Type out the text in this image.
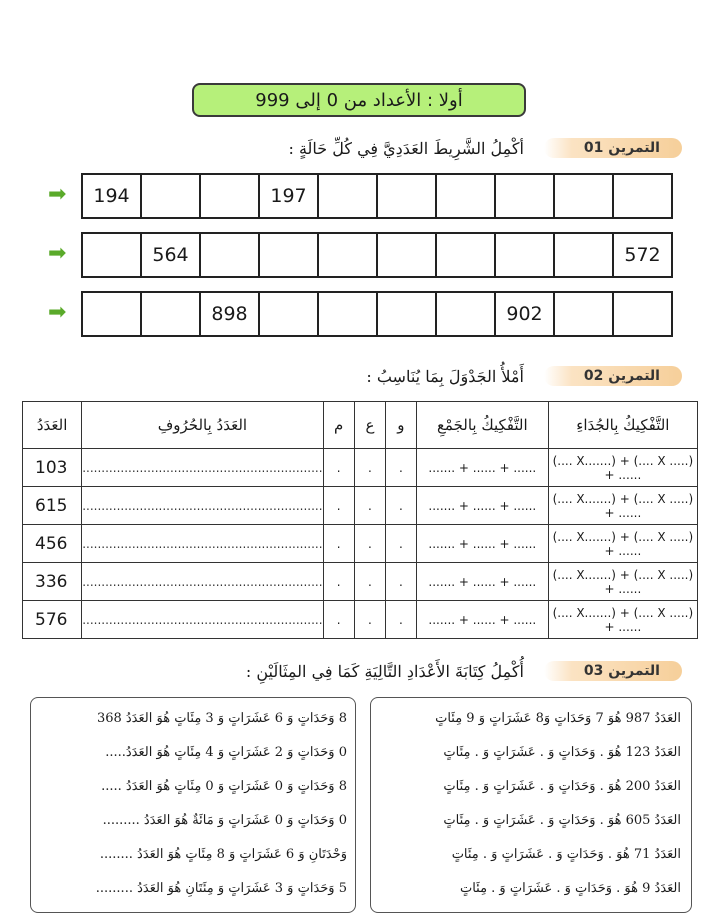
أولا : الأعداد من 0 إلى 999
التمرين 01
أكْمِلُ الشَّرِيطَ العَدَدِيَّ فِي كُلِّ حَالَةٍ :
194	197
➡
564	572
➡
898	902
➡
التمرين 02
أَمْلأُ الجَدْوَلَ بِمَا يُنَاسِبُ :
العَدَدُ	العَدَدُ بِالحُرُوفِ	م	ع	و	التَّفْكِيكُ بِالجَمْعِ	التَّفْكِيكُ بِالجُدَاءِ
103	...............................................................	.	.	.	....... + ...... + ......	(.... X.......) + (.... X .....) + ......
615	...............................................................	.	.	.	....... + ...... + ......	(.... X.......) + (.... X .....) + ......
456	...............................................................	.	.	.	....... + ...... + ......	(.... X.......) + (.... X .....) + ......
336	...............................................................	.	.	.	....... + ...... + ......	(.... X.......) + (.... X .....) + ......
576	...............................................................	.	.	.	....... + ...... + ......	(.... X.......) + (.... X .....) + ......
التمرين 03
أُكْمِلُ كِتَابَةَ الأَعْدَادِ التَّالِيَةِ كَمَا فِي المِثَالَيْنِ :
العَدَدُ 987 هُوَ 7 وَحَدَاتٍ وَ8 عَشَرَاتٍ وَ 9 مِئَاتٍ
العَدَدُ 123 هُوَ . وَحَدَاتٍ وَ . عَشَرَاتٍ وَ . مِئَاتٍ
العَدَدُ 200 هُوَ . وَحَدَاتٍ وَ . عَشَرَاتٍ وَ . مِئَاتٍ
العَدَدُ 605 هُوَ . وَحَدَاتٍ وَ . عَشَرَاتٍ وَ . مِئَاتٍ
العَدَدُ 71 هُوَ . وَحَدَاتٍ وَ . عَشَرَاتٍ وَ . مِئَاتٍ
العَدَدُ 9 هُوَ . وَحَدَاتٍ وَ . عَشَرَاتٍ وَ . مِئَاتٍ
8 وَحَدَاتٍ وَ 6 عَشَرَاتٍ وَ 3 مِئَاتٍ هُوَ العَدَدُ 368
0 وَحَدَاتٍ وَ 2 عَشَرَاتٍ وَ 4 مِئَاتٍ هُوَ العَدَدُ.....
8 وَحَدَاتٍ وَ 0 عَشَرَاتٍ وَ 0 مِئَاتٍ هُوَ العَدَدُ .....
0 وَحَدَاتٍ وَ 0 عَشَرَاتٍ وَ مَائَةٌ هُوَ العَدَدُ .........
وَحْدَتَانِ وَ 6 عَشَرَاتٍ وَ 8 مِئَاتٍ هُوَ العَدَدُ ........
5 وَحَدَاتٍ وَ 3 عَشَرَاتٍ وَ مِئَتَانِ هُوَ العَدَدُ .........
